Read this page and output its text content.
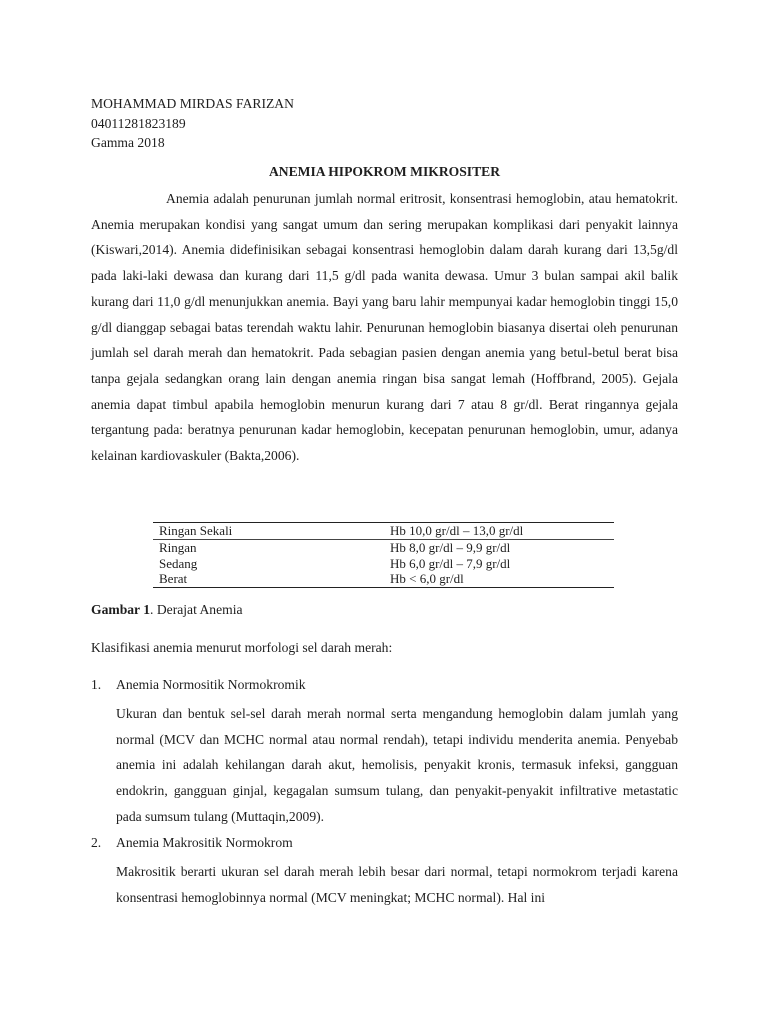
MOHAMMAD MIRDAS FARIZAN
04011281823189
Gamma 2018
ANEMIA HIPOKROM MIKROSITER

Anemia adalah penurunan jumlah normal eritrosit, konsentrasi hemoglobin, atau hematokrit. Anemia merupakan kondisi yang sangat umum dan sering merupakan komplikasi dari penyakit lainnya (Kiswari,2014). Anemia didefinisikan sebagai konsentrasi hemoglobin dalam darah kurang dari 13,5g/dl pada laki-laki dewasa dan kurang dari 11,5 g/dl pada wanita dewasa. Umur 3 bulan sampai akil balik kurang dari 11,0 g/dl menunjukkan anemia. Bayi yang baru lahir mempunyai kadar hemoglobin tinggi 15,0 g/dl dianggap sebagai batas terendah waktu lahir. Penurunan hemoglobin biasanya disertai oleh penurunan jumlah sel darah merah dan hematokrit. Pada sebagian pasien dengan anemia yang betul-betul berat bisa tanpa gejala sedangkan orang lain dengan anemia ringan bisa sangat lemah (Hoffbrand, 2005). Gejala anemia dapat timbul apabila hemoglobin menurun kurang dari 7 atau 8 gr/dl. Berat ringannya gejala tergantung pada: beratnya penurunan kadar hemoglobin, kecepatan penurunan hemoglobin, umur, adanya kelainan kardiovaskuler (Bakta,2006).

Ringan Sekali	Hb 10,0 gr/dl – 13,0 gr/dl
Ringan	Hb 8,0 gr/dl – 9,9 gr/dl
Sedang	Hb 6,0 gr/dl – 7,9 gr/dl
Berat	Hb < 6,0 gr/dl
Gambar 1. Derajat Anemia
Klasifikasi anemia menurut morfologi sel darah merah:
1. Anemia Normositik Normokromik

Ukuran dan bentuk sel-sel darah merah normal serta mengandung hemoglobin dalam jumlah yang normal (MCV dan MCHC normal atau normal rendah), tetapi individu menderita anemia. Penyebab anemia ini adalah kehilangan darah akut, hemolisis, penyakit kronis, termasuk infeksi, gangguan endokrin, gangguan ginjal, kegagalan sumsum tulang, dan penyakit-penyakit infiltrative metastatic pada sumsum tulang (Muttaqin,2009).

2. Anemia Makrositik Normokrom

Makrositik berarti ukuran sel darah merah lebih besar dari normal, tetapi normokrom terjadi karena konsentrasi hemoglobinnya normal (MCV meningkat; MCHC normal). Hal ini
